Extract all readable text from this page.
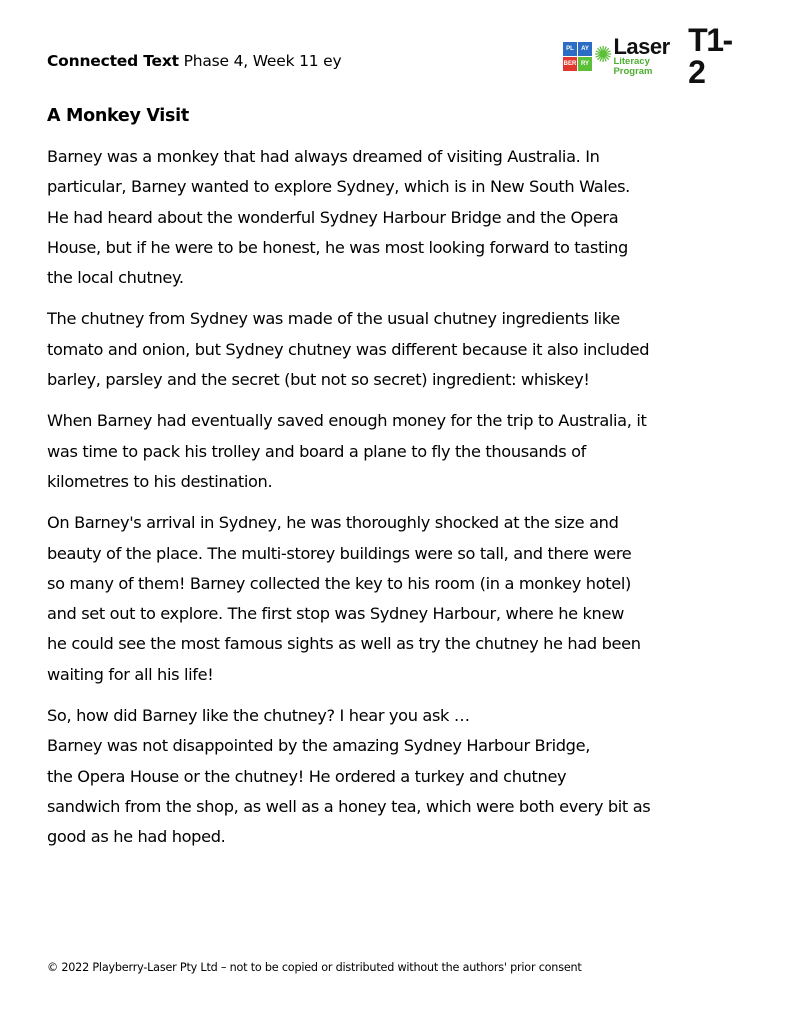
Connected Text Phase 4, Week 11 ey
PL	AY
BER RY ✺ Laser
Literacy Program
T1-2
A Monkey Visit

Barney was a monkey that had always dreamed of visiting Australia. In
particular, Barney wanted to explore Sydney, which is in New South Wales.
He had heard about the wonderful Sydney Harbour Bridge and the Opera
House, but if he were to be honest, he was most looking forward to tasting
the local chutney.

The chutney from Sydney was made of the usual chutney ingredients like
tomato and onion, but Sydney chutney was different because it also included
barley, parsley and the secret (but not so secret) ingredient: whiskey!

When Barney had eventually saved enough money for the trip to Australia, it
was time to pack his trolley and board a plane to fly the thousands of
kilometres to his destination.

On Barney's arrival in Sydney, he was thoroughly shocked at the size and
beauty of the place. The multi-storey buildings were so tall, and there were
so many of them! Barney collected the key to his room (in a monkey hotel)
and set out to explore. The first stop was Sydney Harbour, where he knew
he could see the most famous sights as well as try the chutney he had been
waiting for all his life!

So, how did Barney like the chutney? I hear you ask …
Barney was not disappointed by the amazing Sydney Harbour Bridge,
the Opera House or the chutney! He ordered a turkey and chutney
sandwich from the shop, as well as a honey tea, which were both every bit as
good as he had hoped.

© 2022 Playberry-Laser Pty Ltd – not to be copied or distributed without the authors' prior consent
